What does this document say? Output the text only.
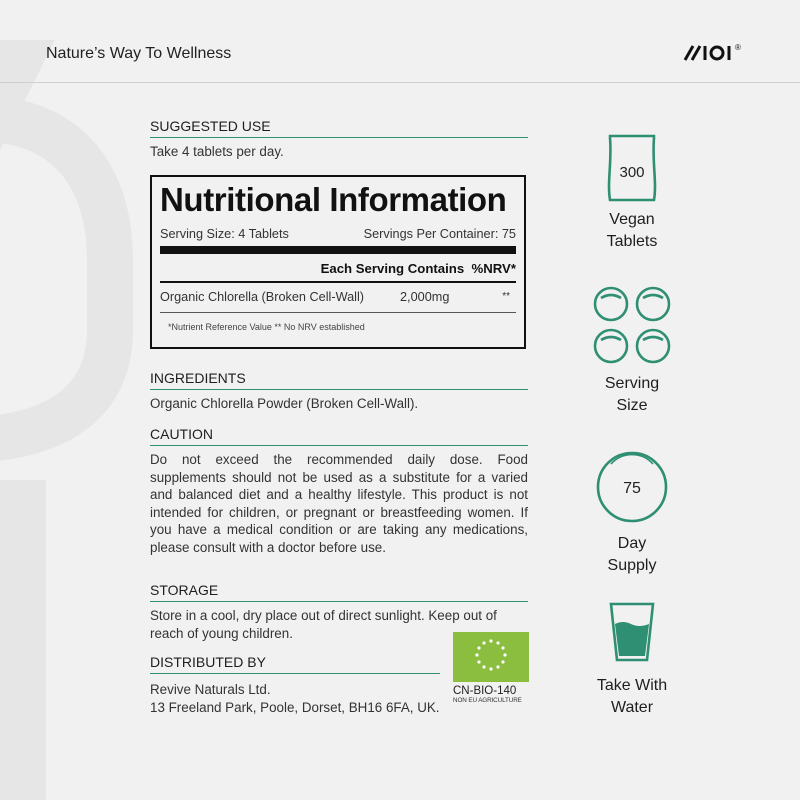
Nature’s Way To Wellness	®
SUGGESTED USE
Take 4 tablets per day.
Nutritional Information
Serving Size: 4 Tablets	Servings Per Container: 75
Each Serving Contains  %NRV*
Organic Chlorella (Broken Cell-Wall)	2,000mg	**
*Nutrient Reference Value ** No NRV established
INGREDIENTS
Organic Chlorella Powder (Broken Cell-Wall).
CAUTION
Do not exceed the recommended daily dose. Food supplements should not be used as a substitute for a varied and balanced diet and a healthy lifestyle. This product is not intended for children, or pregnant or breastfeeding women. If you have a medical condition or are taking any medications, please consult with a doctor before use.
STORAGE
Store in a cool, dry place out of direct sunlight. Keep out of reach of young children.
DISTRIBUTED BY
Revive Naturals Ltd.
13 Freeland Park, Poole, Dorset, BH16 6FA, UK.
CN-BIO-140
NON EU AGRICULTURE
300
Vegan
Tablets
Serving
Size
75
Day
Supply
Take With
Water
